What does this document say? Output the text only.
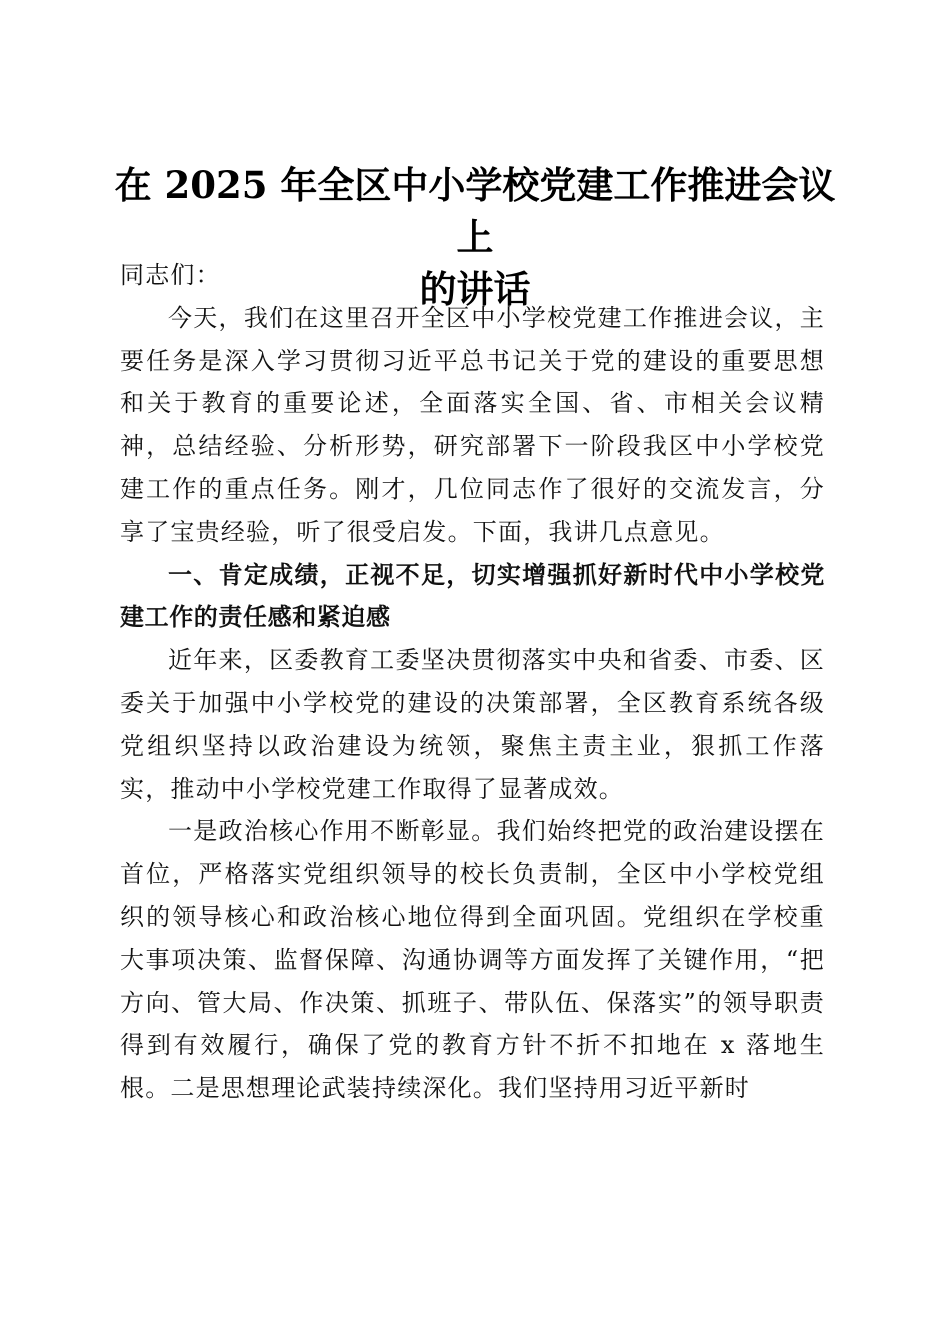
在 2025 年全区中小学校党建工作推进会议上
的讲话

同志们：

今天，我们在这里召开全区中小学校党建工作推进会议，主要任务是深入学习贯彻习近平总书记关于党的建设的重要思想和关于教育的重要论述，全面落实全国、省、市相关会议精神，总结经验、分析形势，研究部署下一阶段我区中小学校党建工作的重点任务。刚才，几位同志作了很好的交流发言，分享了宝贵经验，听了很受启发。下面，我讲几点意见。

一、肯定成绩，正视不足，切实增强抓好新时代中小学校党建工作的责任感和紧迫感

近年来，区委教育工委坚决贯彻落实中央和省委、市委、区委关于加强中小学校党的建设的决策部署，全区教育系统各级党组织坚持以政治建设为统领，聚焦主责主业，狠抓工作落实，推动中小学校党建工作取得了显著成效。

一是政治核心作用不断彰显。我们始终把党的政治建设摆在首位，严格落实党组织领导的校长负责制，全区中小学校党组织的领导核心和政治核心地位得到全面巩固。党组织在学校重大事项决策、监督保障、沟通协调等方面发挥了关键作用，“把方向、管大局、作决策、抓班子、带队伍、保落实”的领导职责得到有效履行，确保了党的教育方针不折不扣地在 x 落地生根。二是思想理论武装持续深化。我们坚持用习近平新时
